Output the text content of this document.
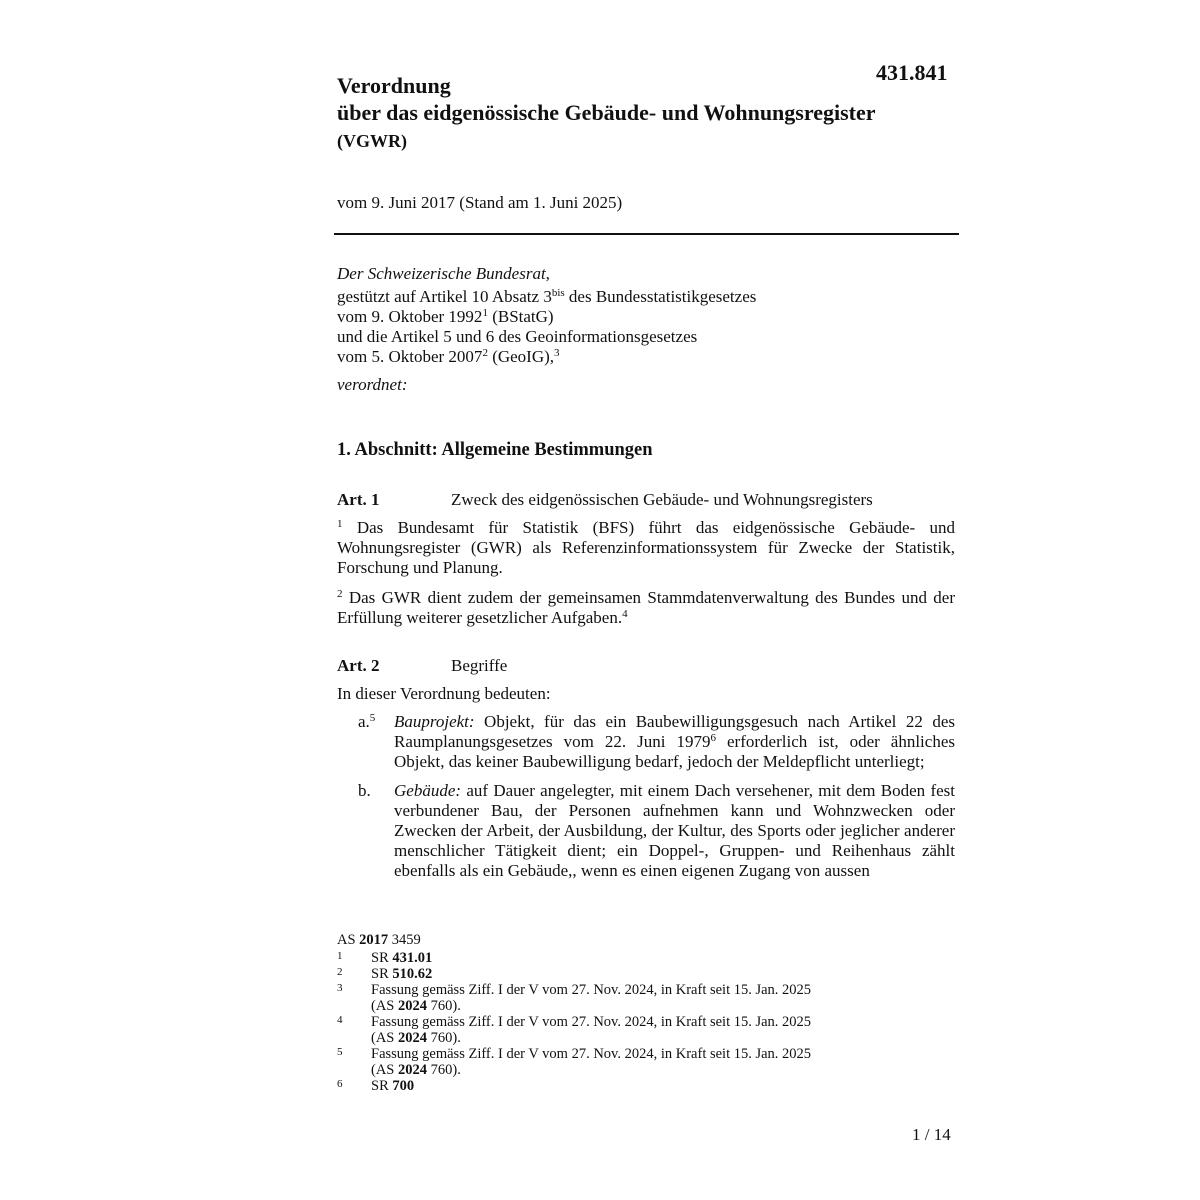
431.841
Verordnung
über das eidgenössische Gebäude- und Wohnungsregister
(VGWR)
vom 9. Juni 2017 (Stand am 1. Juni 2025)

Der Schweizerische Bundesrat,

gestützt auf Artikel 10 Absatz $3^{bis}$ des Bundesstatistikgesetzes

vom 9. Oktober 1992$^1$ (BStatG)

und die Artikel 5 und 6 des Geoinformationsgesetzes

vom 5. Oktober 2007$^2$ (GeoIG),$^3$

verordnet:

1. Abschnitt: Allgemeine Bestimmungen
Art. 1	Zweck des eidgenössischen Gebäude- und Wohnungsregisters

$^1$ Das Bundesamt für Statistik (BFS) führt das eidgenössische Gebäude- und Wohnungsregister (GWR) als Referenzinformationssystem für Zwecke der Statistik, Forschung und Planung.

$^2$ Das GWR dient zudem der gemeinsamen Stammdatenverwaltung des Bundes und der Erfüllung weiterer gesetzlicher Aufgaben.$^4$

Art. 2	Begriffe
In dieser Verordnung bedeuten:
a.$^5$ Bauprojekt: Objekt, für das ein Baubewilligungsgesuch nach Artikel 22 des Raumplanungsgesetzes vom 22. Juni 1979$^6$ erforderlich ist, oder ähnliches Objekt, das keiner Baubewilligung bedarf, jedoch der Meldepflicht unterliegt;
b. Gebäude: auf Dauer angelegter, mit einem Dach versehener, mit dem Boden fest verbundener Bau, der Personen aufnehmen kann und Wohnzwecken oder Zwecken der Arbeit, der Ausbildung, der Kultur, des Sports oder jeglicher anderer menschlicher Tätigkeit dient; ein Doppel-, Gruppen- und Reihenhaus zählt ebenfalls als ein Gebäude,, wenn es einen eigenen Zugang von aussen
AS 2017 3459
1 SR 431.01
2 SR 510.62
3 Fassung gemäss Ziff. I der V vom 27. Nov. 2024, in Kraft seit 15. Jan. 2025
(AS 2024 760).
4 Fassung gemäss Ziff. I der V vom 27. Nov. 2024, in Kraft seit 15. Jan. 2025
(AS 2024 760).
5 Fassung gemäss Ziff. I der V vom 27. Nov. 2024, in Kraft seit 15. Jan. 2025
(AS 2024 760).
6 SR 700
1 / 14
